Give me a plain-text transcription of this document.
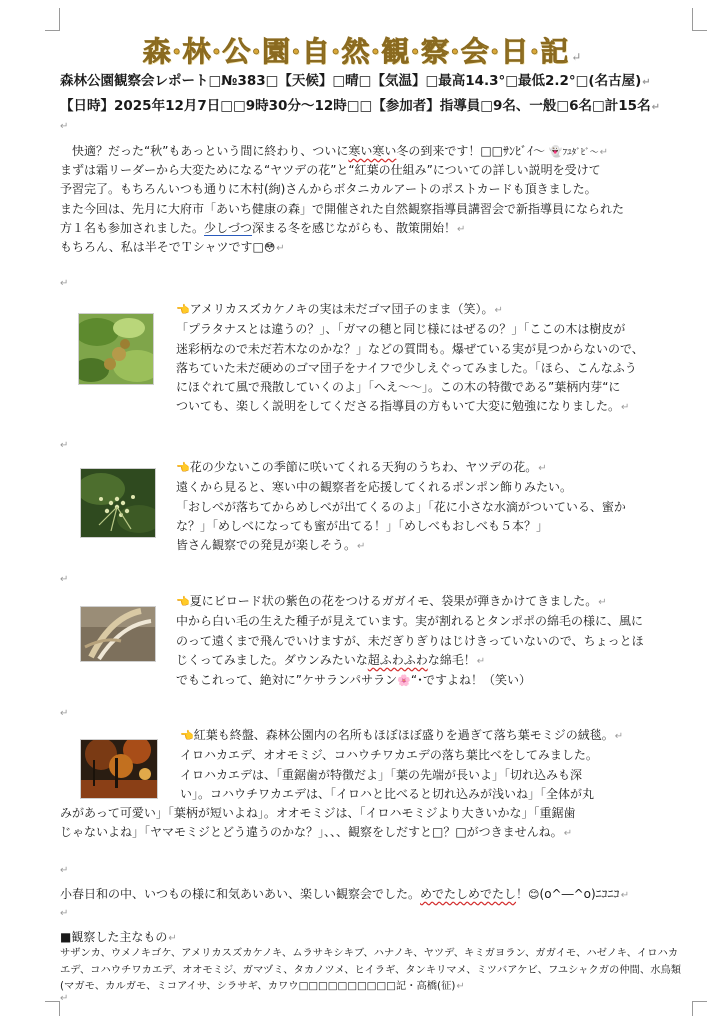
森·林·公·園·自·然·観·察·会·日·記 ↵
森林公園観察会レポート□№383□【天候】□晴□【気温】□最高14.3°□最低2.2°□(名古屋)↵
【日時】2025年12月7日□□9時30分～12時□□【参加者】指導員□9名、一般□6名□計15名↵
↵
快適？だった“秋”もあっという間に終わり、ついに寒い寒い冬の到来です！□□ｻﾝﾋﾞｲ～ 👻ﾌﾕﾀﾞﾋﾞ～↵
まずは霜リーダーから大変ためになる“ヤツデの花”と“紅葉の仕組み”についての詳しい説明を受けて
予習完了。もちろんいつも通りに木村(絢)さんからボタニカルアートのポストカードも頂きました。
また今回は、先月に大府市「あいち健康の森」で開催された自然観察指導員講習会で新指導員になられた
方１名も参加されました。少しづつ深まる冬を感じながらも、散策開始！↵
もちろん、私は半そでＴシャツです□😳↵
↵
👈アメリカスズカケノキの実は未だゴマ団子のまま（笑）。↵
「プラタナスとは違うの？」、「ガマの穂と同じ様にはぜるの？」「ここの木は樹皮が
迷彩柄なので未だ若木なのかな？」などの質問も。爆ぜている実が見つからないので、
落ちていた未だ硬めのゴマ団子をナイフで少しえぐってみました。「ほら、こんなふう
にほぐれて風で飛散していくのよ」「へえ～～」。この木の特徴である”葉柄内芽“に
ついても、楽しく説明をしてくださる指導員の方もいて大変に勉強になりました。↵
↵
👈花の少ないこの季節に咲いてくれる天狗のうちわ、ヤツデの花。↵
遠くから見ると、寒い中の観察者を応援してくれるポンポン飾りみたい。
「おしべが落ちてからめしべが出てくるのよ」「花に小さな水滴がついている、蜜か
な？」「めしべになっても蜜が出てる！」「めしべもおしべも５本？」
皆さん観察での発見が楽しそう。↵
↵
👈夏にビロード状の紫色の花をつけるガガイモ、袋果が弾きかけてきました。↵
中から白い毛の生えた種子が見えています。実が割れるとタンポポの綿毛の様に、風に
のって遠くまで飛んでいけますが、未だぎりぎりはじけきっていないので、ちょっとほ
じくってみました。ダウンみたいな超ふわふわな綿毛！↵
でもこれって、絶対に”ケサランパサラン🌸“･ですよね！（笑い）
↵
👈紅葉も終盤、森林公園内の名所もほぼほぼ盛りを過ぎて落ち葉モミジの絨毯。↵
イロハカエデ、オオモミジ、コハウチワカエデの落ち葉比べをしてみました。
イロハカエデは、「重鋸歯が特徴だよ」「葉の先端が長いよ」「切れ込みも深
い」。コハウチワカエデは、「イロハと比べると切れ込みが浅いね」「全体が丸
みがあって可愛い」「葉柄が短いよね」。オオモミジは、「イロハモミジより大きいかな」「重鋸歯
じゃないよね」「ヤマモミジとどう違うのかな？」、、、観察をしだすと□？□がつきませんね。↵
↵
小春日和の中、いつもの様に和気あいあい、楽しい観察会でした。めでたしめでたし！😊(o^―^o)ﾆｺﾆｺ↵
↵
■観察した主なもの↵
サザンカ、ウメノキゴケ、アメリカスズカケノキ、ムラサキシキブ、ハナノキ、ヤツデ、キミガヨラン、ガガイモ、ハゼノキ、イロハカエデ、コハウチワカエデ、オオモミジ、ガマヅミ、タカノツメ、ヒイラギ、タンキリマメ、ミツバアケビ、フユシャクガの仲間、水鳥類(マガモ、カルガモ、ミコアイサ、シラサギ、カワウ□□□□□□□□□□記・高橋(征)↵
↵
